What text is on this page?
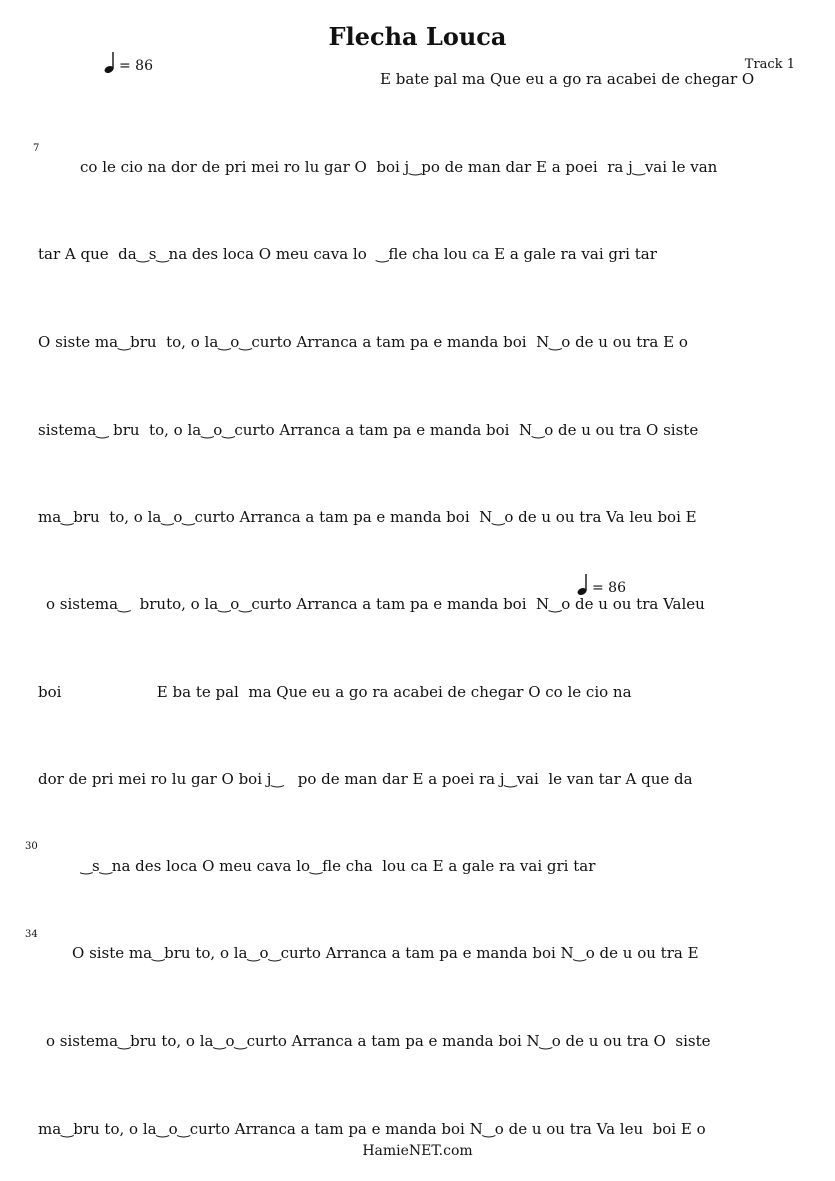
Flecha Louca
Track 1
= 86
= 86
7
30
34
E bate pal ma Que eu a go ra acabei de chegar O
co le cio na dor de pri mei ro lu gar O  boi j‿po de man dar E a poei  ra j‿vai le van
tar A que  da‿s‿na des loca O meu cava lo  ‿fle cha lou ca E a gale ra vai gri tar
O siste ma‿bru  to, o la‿o‿curto Arranca a tam pa e manda boi  N‿o de u ou tra E o
sistema‿ bru  to, o la‿o‿curto Arranca a tam pa e manda boi  N‿o de u ou tra O siste
ma‿bru  to, o la‿o‿curto Arranca a tam pa e manda boi  N‿o de u ou tra Va leu boi E
o sistema‿  bruto, o la‿o‿curto Arranca a tam pa e manda boi  N‿o de u ou tra Valeu
boi                    E ba te pal  ma Que eu a go ra acabei de chegar O co le cio na
dor de pri mei ro lu gar O boi j‿   po de man dar E a poei ra j‿vai  le van tar A que da
‿s‿na des loca O meu cava lo‿fle cha  lou ca E a gale ra vai gri tar
O siste ma‿bru to, o la‿o‿curto Arranca a tam pa e manda boi N‿o de u ou tra E
o sistema‿bru to, o la‿o‿curto Arranca a tam pa e manda boi N‿o de u ou tra O  siste
ma‿bru to, o la‿o‿curto Arranca a tam pa e manda boi N‿o de u ou tra Va leu  boi E o
HamieNET.com
